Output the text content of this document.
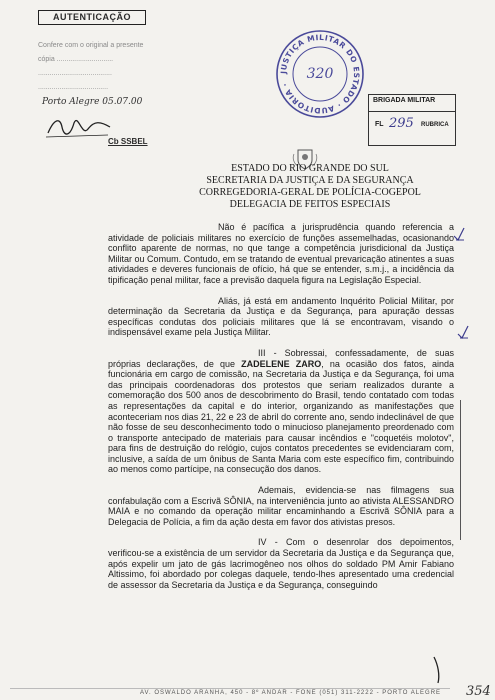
AUTENTICAÇÃO
Confere com o original a presente
cópia .............................
......................................
....................................
Porto Alegre 05.07.00
Cb SSBEL
JUSTIÇA MILITAR DO ESTADO · AUDITORIA ·
320
BRIGADA MILITAR
FL 295 RUBRICA
ESTADO DO RIO GRANDE DO SUL
SECRETARIA DA JUSTIÇA E DA SEGURANÇA
CORREGEDORIA-GERAL DE POLÍCIA-COGEPOL
DELEGACIA DE FEITOS ESPECIAIS

Não é pacífica a jurisprudência quando referencia a atividade de policiais militares no exercício de funções assemelhadas, ocasionando conflito aparente de normas, no que tange a competência jurisdicional da Justiça Militar ou Comum. Contudo, em se tratando de eventual prevaricação atinentes a suas atividades e deveres funcionais de ofício, há que se entender, s.m.j., a incidência da tipificação penal militar, face a previsão daquela figura na Legislação Especial.

Aliás, já está em andamento Inquérito Policial Militar, por determinação da Secretaria da Justiça e da Segurança, para apuração dessas específicas condutas dos policiais militares que lá se encontravam, visando o indispensável exame pela Justiça Militar.

III - Sobressai, confessadamente, de suas próprias declarações, de que ZADELENE ZARO, na ocasião dos fatos, ainda funcionária em cargo de comissão, na Secretaria da Justiça e da Segurança, foi uma das principais coordenadoras dos protestos que seriam realizados durante a comemoração dos 500 anos de descobrimento do Brasil, tendo contatado com todas as representações da capital e do interior, organizando as manifestações que aconteceriam nos dias 21, 22 e 23 de abril do corrente ano, sendo indeclinável de que não fosse de seu desconhecimento todo o minucioso planejamento preordenado com o transporte antecipado de materiais para causar incêndios e "coquetéis molotov", para fins de destruição do relógio, cujos contatos precedentes se evidenciaram com, inclusive, a saída de um ônibus de Santa Maria com este específico fim, contribuindo ao menos como partícipe, na consecução dos danos.

Ademais, evidencia-se nas filmagens sua confabulação com a Escrivã SÔNIA, na interveniência junto ao ativista ALESSANDRO MAIA e no comando da operação militar encaminhando a Escrivã SÔNIA para a Delegacia de Polícia, a fim da ação desta em favor dos ativistas presos.

IV - Com o desenrolar dos depoimentos, verificou-se a existência de um servidor da Secretaria da Justiça e da Segurança que, após expelir um jato de gás lacrimogêneo nos olhos do soldado PM Amir Fabiano Altissimo, foi abordado por colegas daquele, tendo-lhes apresentado uma credencial de assessor da Secretaria da Justiça e da Segurança, conseguindo

AV. OSWALDO ARANHA, 450 - 8º ANDAR - FONE (051) 311-2222 - PORTO ALEGRE	354
